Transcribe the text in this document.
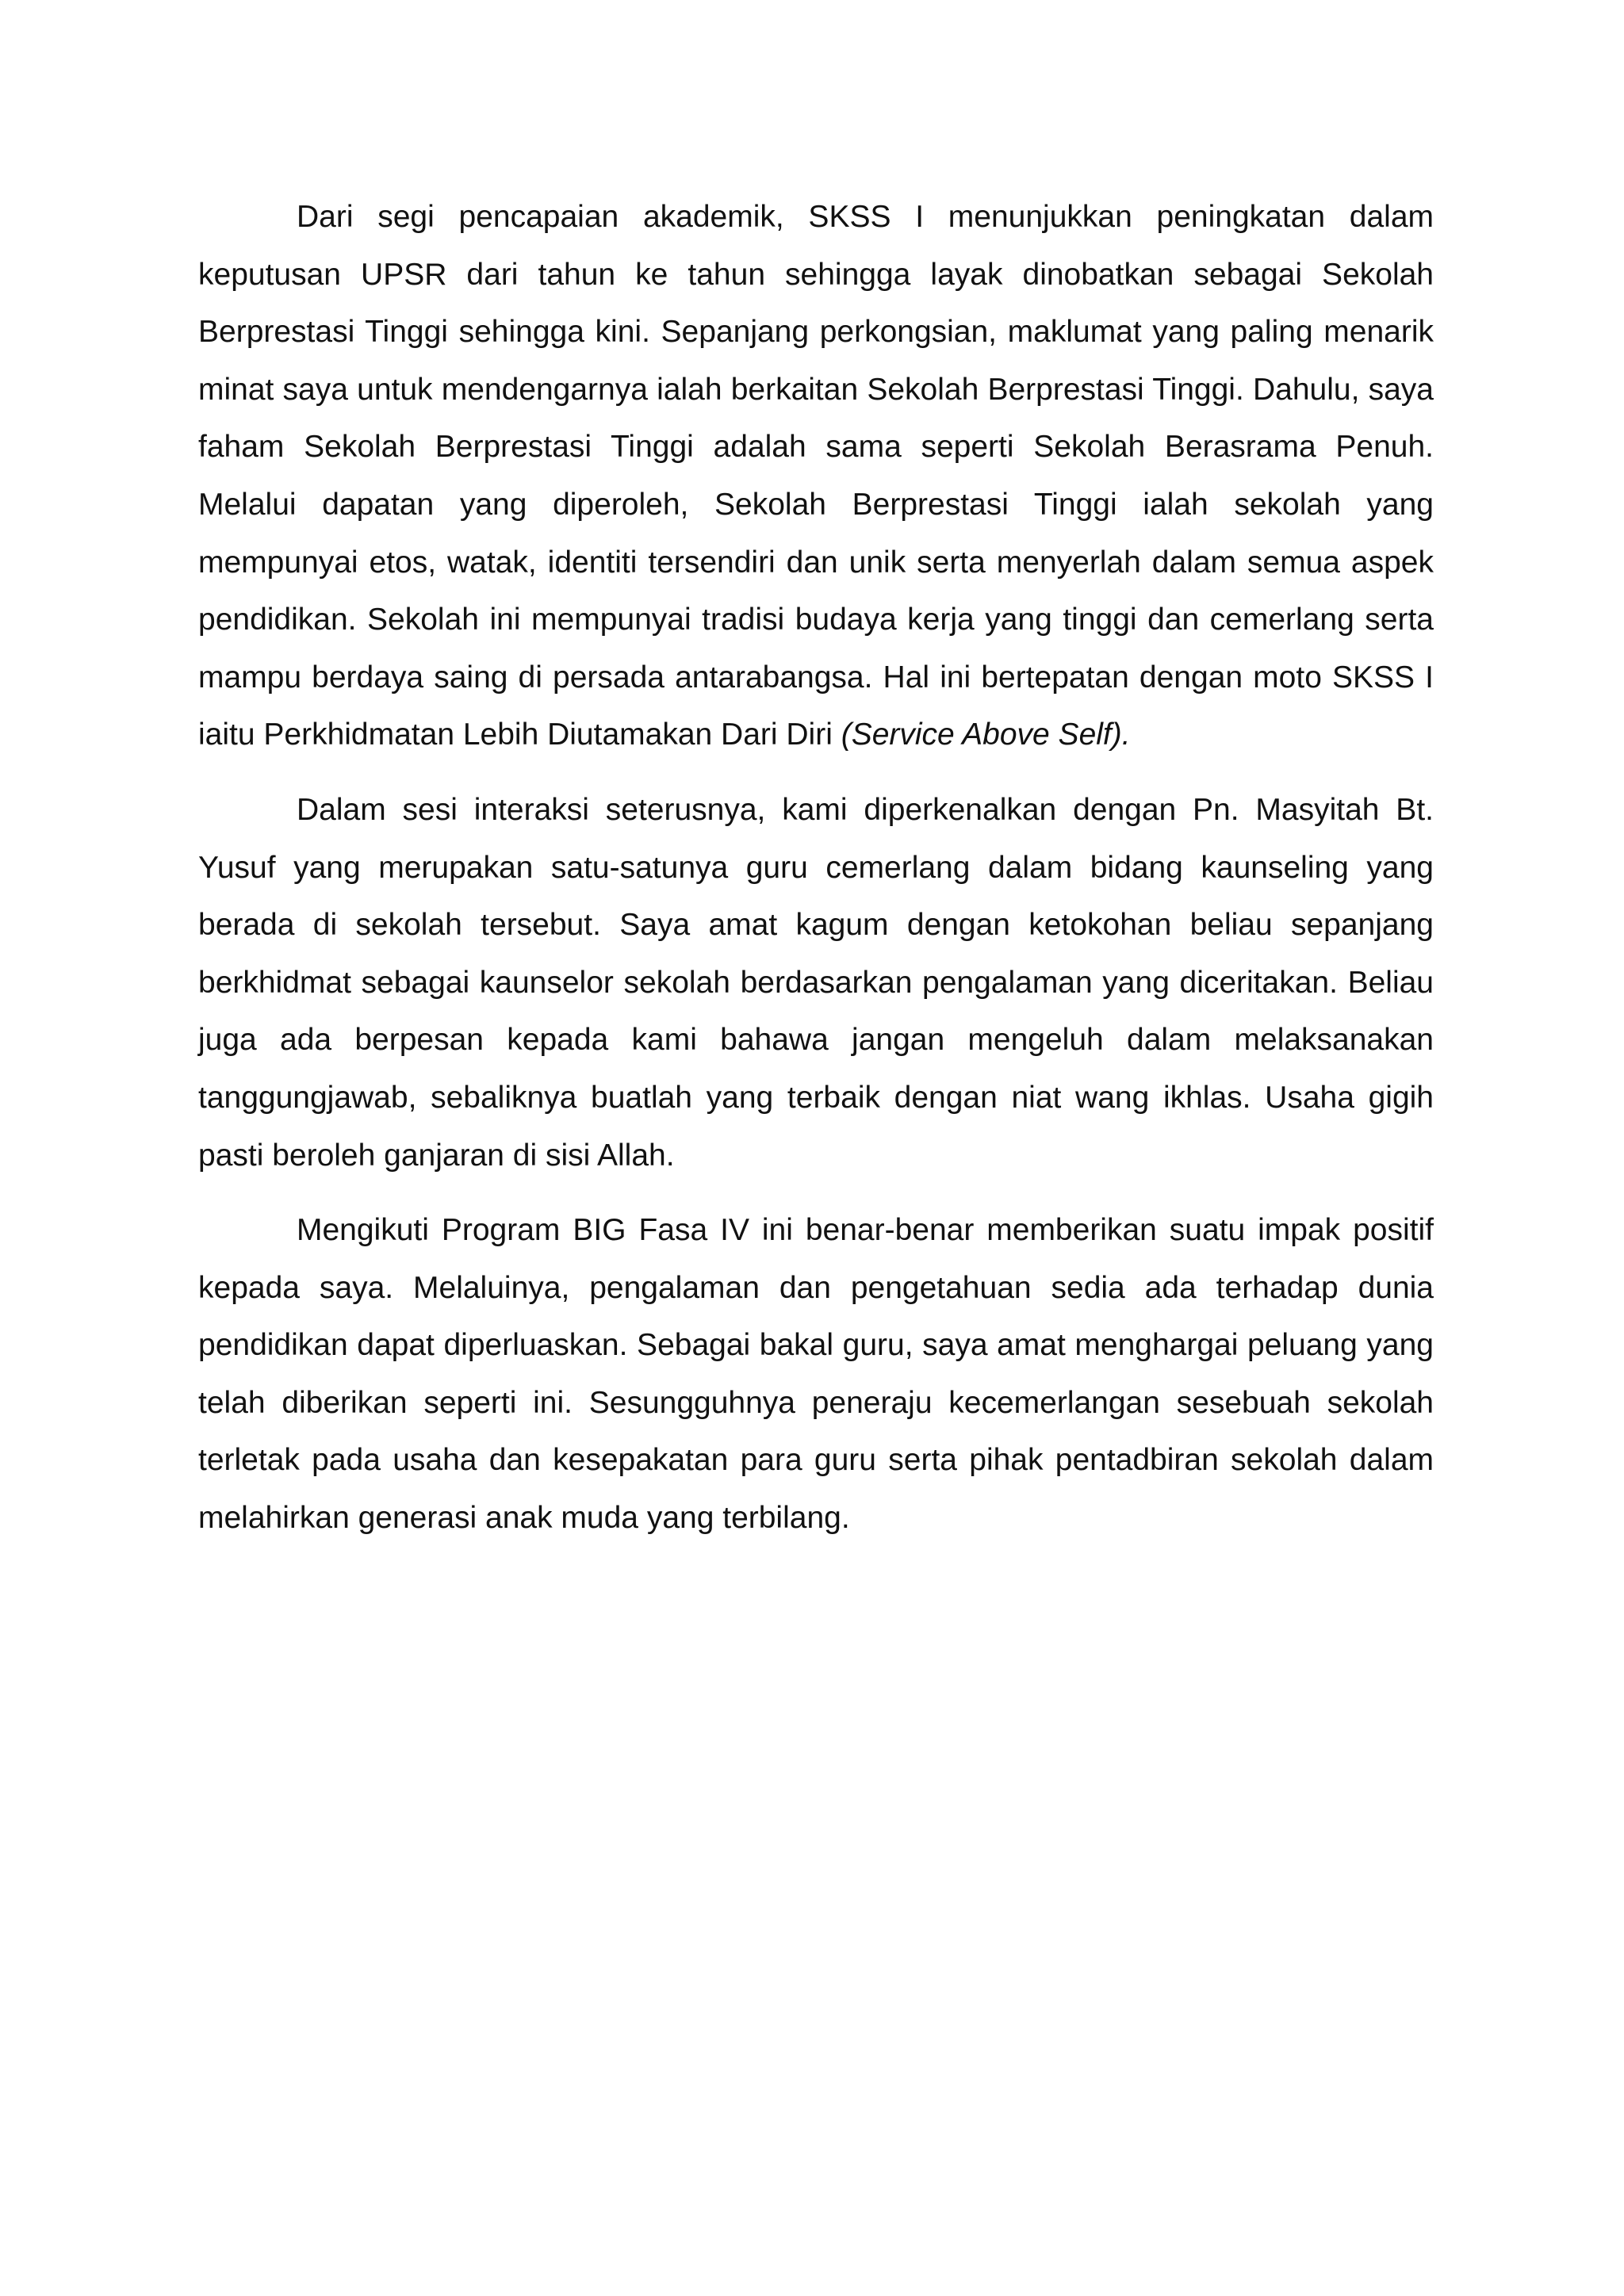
Dari segi pencapaian akademik, SKSS I menunjukkan peningkatan dalam keputusan UPSR dari tahun ke tahun sehingga layak dinobatkan sebagai Sekolah Berprestasi Tinggi sehingga kini. Sepanjang perkongsian, maklumat yang paling menarik minat saya untuk mendengarnya ialah berkaitan Sekolah Berprestasi Tinggi. Dahulu, saya faham Sekolah Berprestasi Tinggi adalah sama seperti Sekolah Berasrama Penuh. Melalui dapatan yang diperoleh, Sekolah Berprestasi Tinggi ialah sekolah yang mempunyai etos, watak, identiti tersendiri dan unik serta menyerlah dalam semua aspek pendidikan. Sekolah ini mempunyai tradisi budaya kerja yang tinggi dan cemerlang serta mampu berdaya saing di persada antarabangsa. Hal ini bertepatan dengan moto SKSS I iaitu Perkhidmatan Lebih Diutamakan Dari Diri (Service Above Self).

Dalam sesi interaksi seterusnya, kami diperkenalkan dengan Pn. Masyitah Bt. Yusuf yang merupakan satu-satunya guru cemerlang dalam bidang kaunseling yang berada di sekolah tersebut. Saya amat kagum dengan ketokohan beliau sepanjang berkhidmat sebagai kaunselor sekolah berdasarkan pengalaman yang diceritakan. Beliau juga ada berpesan kepada kami bahawa jangan mengeluh dalam melaksanakan tanggungjawab, sebaliknya buatlah yang terbaik dengan niat wang ikhlas. Usaha gigih pasti beroleh ganjaran di sisi Allah.

Mengikuti Program BIG Fasa IV ini benar-benar memberikan suatu impak positif kepada saya. Melaluinya, pengalaman dan pengetahuan sedia ada terhadap dunia pendidikan dapat diperluaskan. Sebagai bakal guru, saya amat menghargai peluang yang telah diberikan seperti ini. Sesungguhnya peneraju kecemerlangan sesebuah sekolah terletak pada usaha dan kesepakatan para guru serta pihak pentadbiran sekolah dalam melahirkan generasi anak muda yang terbilang.
